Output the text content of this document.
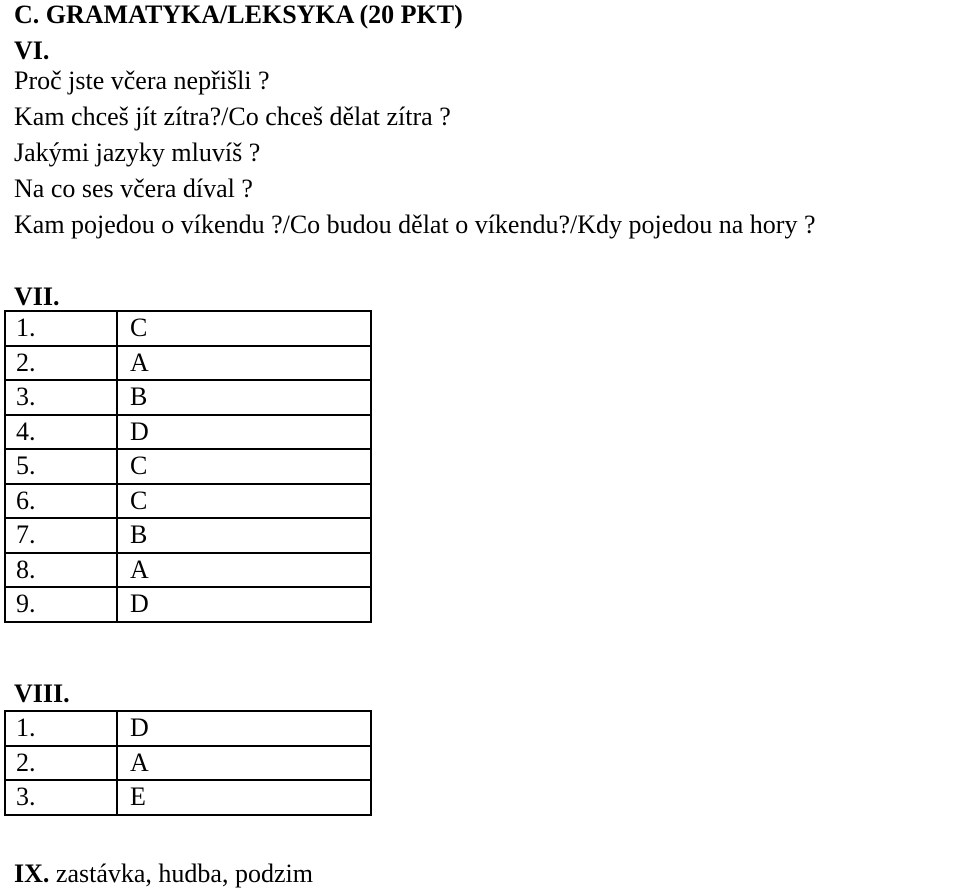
C. GRAMATYKA/LEKSYKA (20 PKT)
VI.
Proč jste včera nepřišli ?
Kam chceš jít zítra?/Co chceš dělat zítra ?
Jakými jazyky mluvíš ?
Na co ses včera díval ?
Kam pojedou o víkendu ?/Co budou dělat o víkendu?/Kdy pojedou na hory ?
VII.
1.	C
2.	A
3.	B
4.	D
5.	C
6.	C
7.	B
8.	A
9.	D
VIII.
1.	D
2.	A
3.	E
IX. zastávka, hudba, podzim
